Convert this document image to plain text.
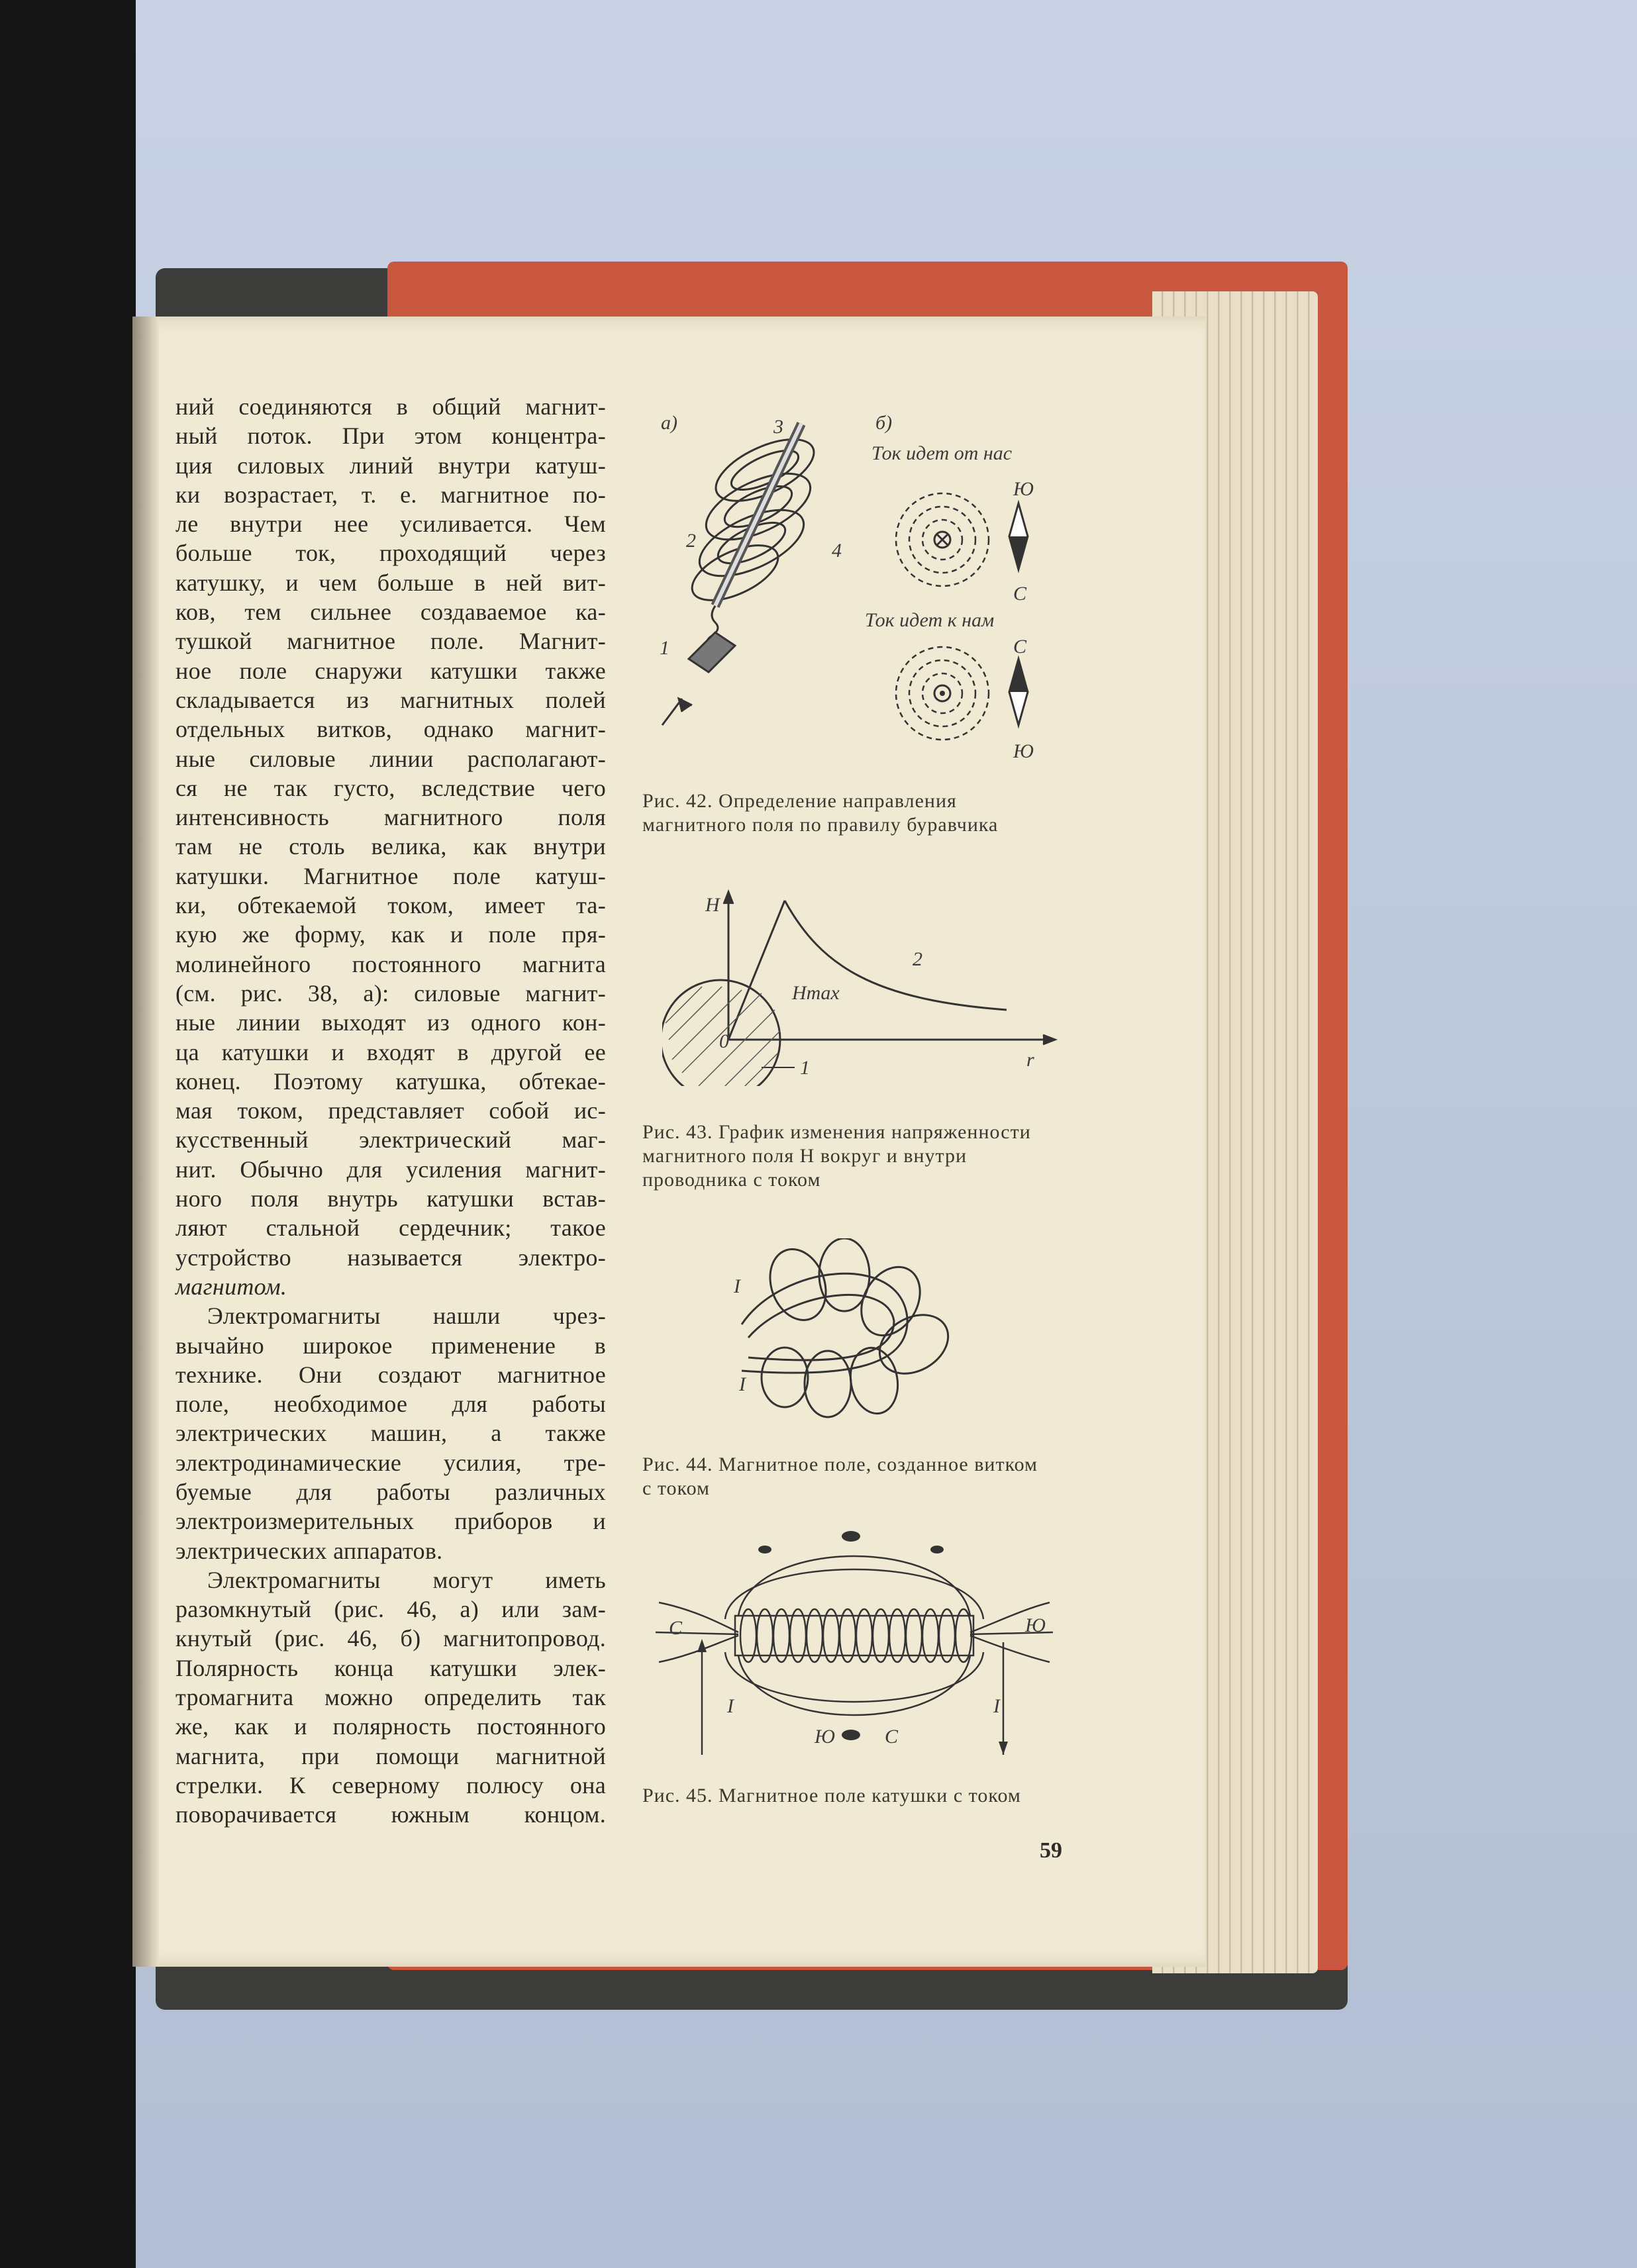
ний соединяются в общий магнит-
ный поток. При этом концентра-
ция силовых линий внутри катуш-
ки возрастает, т. е. магнитное по-
ле внутри нее усиливается. Чем
больше ток, проходящий через
катушку, и чем больше в ней вит-
ков, тем сильнее создаваемое ка-
тушкой магнитное поле. Магнит-
ное поле снаружи катушки также
складывается из магнитных полей
отдельных витков, однако магнит-
ные силовые линии располагают-
ся не так густо, вследствие чего
интенсивность магнитного поля
там не столь велика, как внутри
катушки. Магнитное поле катуш-
ки, обтекаемой током, имеет та-
кую же форму, как и поле пря-
молинейного постоянного магнита
(см. рис. 38, а): силовые магнит-
ные линии выходят из одного кон-
ца катушки и входят в другой ее
конец. Поэтому катушка, обтекае-
мая током, представляет собой ис-
кусственный электрический маг-
нит. Обычно для усиления магнит-
ного поля внутрь катушки встав-
ляют стальной сердечник; такое
устройство называется электро-
магнитом.
Электромагниты нашли чрез-
вычайно широкое применение в
технике. Они создают магнитное
поле, необходимое для работы
электрических машин, а также
электродинамические усилия, тре-
буемые для работы различных
электроизмерительных приборов и
электрических аппаратов.
Электромагниты могут иметь
разомкнутый (рис. 46, а) или зам-
кнутый (рис. 46, б) магнитопровод.
Полярность конца катушки элек-
тромагнита можно определить так
же, как и полярность постоянного
магнита, при помощи магнитной
стрелки. К северному полюсу она
поворачивается южным концом.
а)	б)
3
2	4
1
Ток идет от нас
Ю
С
Ток идет к нам
С
Ю
Рис. 42. Определение направления магнитного поля по правилу буравчика
H
2
Hmax
0
1	r
Рис. 43. График изменения напряженности магнитного поля H вокруг и внутри проводника с током
I
I
Рис. 44. Магнитное поле, созданное витком с током
С	Ю
I	I
Ю	С
Рис. 45. Магнитное поле катушки с током
59
